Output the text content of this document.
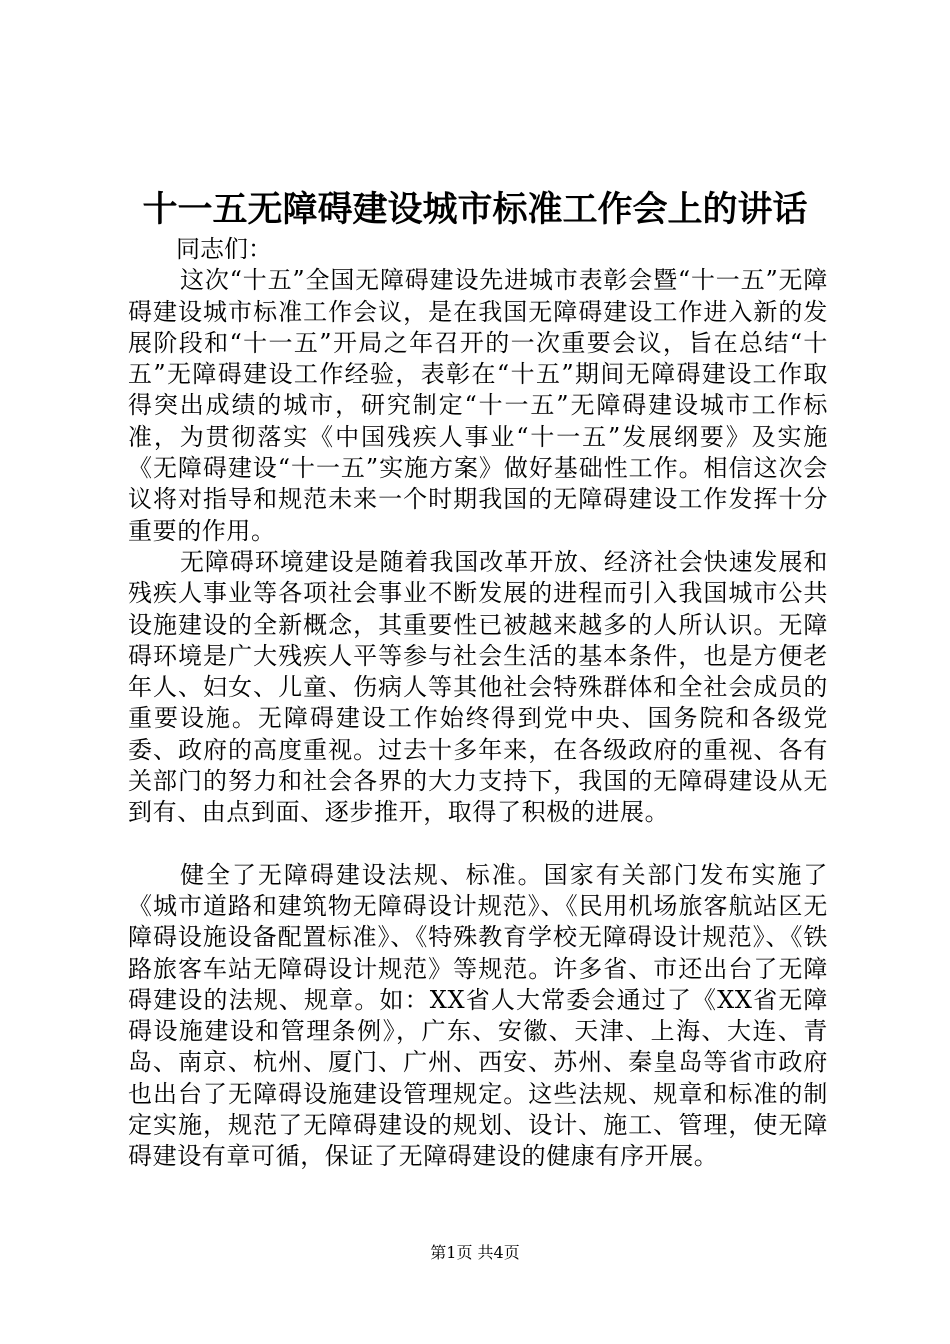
十一五无障碍建设城市标准工作会上的讲话

同志们：

这次“十五”全国无障碍建设先进城市表彰会暨“十一五”无障碍建设城市标准工作会议，是在我国无障碍建设工作进入新的发展阶段和“十一五”开局之年召开的一次重要会议，旨在总结“十五”无障碍建设工作经验，表彰在“十五”期间无障碍建设工作取得突出成绩的城市，研究制定“十一五”无障碍建设城市工作标准，为贯彻落实《中国残疾人事业“十一五”发展纲要》及实施《无障碍建设“十一五”实施方案》做好基础性工作。相信这次会议将对指导和规范未来一个时期我国的无障碍建设工作发挥十分重要的作用。

无障碍环境建设是随着我国改革开放、经济社会快速发展和残疾人事业等各项社会事业不断发展的进程而引入我国城市公共设施建设的全新概念，其重要性已被越来越多的人所认识。无障碍环境是广大残疾人平等参与社会生活的基本条件，也是方便老年人、妇女、儿童、伤病人等其他社会特殊群体和全社会成员的重要设施。无障碍建设工作始终得到党中央、国务院和各级党委、政府的高度重视。过去十多年来，在各级政府的重视、各有关部门的努力和社会各界的大力支持下，我国的无障碍建设从无到有、由点到面、逐步推开，取得了积极的进展。

健全了无障碍建设法规、标准。国家有关部门发布实施了《城市道路和建筑物无障碍设计规范》、《民用机场旅客航站区无障碍设施设备配置标准》、《特殊教育学校无障碍设计规范》、《铁路旅客车站无障碍设计规范》等规范。许多省、市还出台了无障碍建设的法规、规章。如：XX省人大常委会通过了《XX省无障碍设施建设和管理条例》，广东、安徽、天津、上海、大连、青岛、南京、杭州、厦门、广州、西安、苏州、秦皇岛等省市政府也出台了无障碍设施建设管理规定。这些法规、规章和标准的制定实施，规范了无障碍建设的规划、设计、施工、管理，使无障碍建设有章可循，保证了无障碍建设的健康有序开展。

第1页 共4页
